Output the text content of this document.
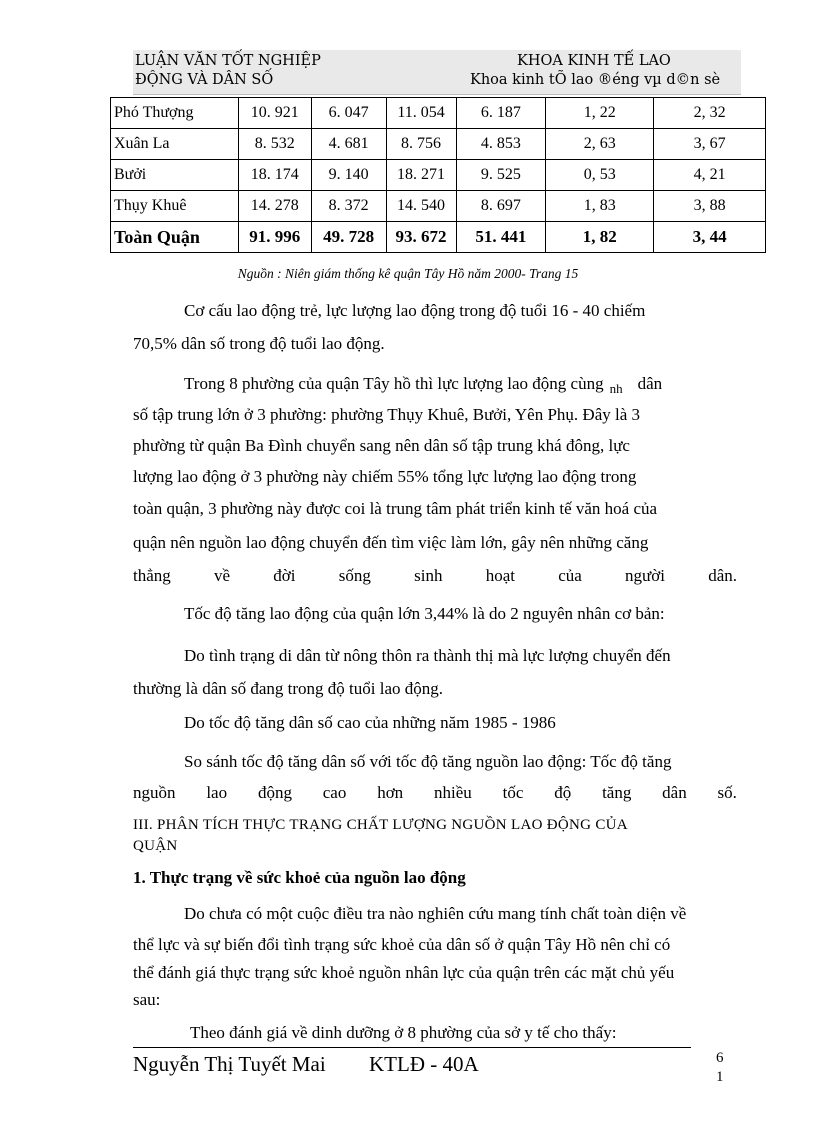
LUẬN VĂN TỐT NGHIỆP
ĐỘNG VÀ DÂN SỐ
KHOA KINH TẾ LAO
Khoa kinh tÕ lao ®éng vµ d©n sè
Phó Thượng	10. 921	6. 047	11. 054	6. 187	1, 22	2, 32
Xuân La	8. 532	4. 681	8. 756	4. 853	2, 63	3, 67
Bưởi	18. 174	9. 140	18. 271	9. 525	0, 53	4, 21
Thụy Khuê	14. 278	8. 372	14. 540	8. 697	1, 83	3, 88
Toàn Quận	91. 996	49. 728	93. 672	51. 441	1, 82	3, 44
Nguồn : Niên giám thống kê quận Tây Hồ năm 2000- Trang 15
Cơ cấu lao động trẻ, lực lượng lao động trong độ tuổi 16 - 40 chiếm
70,5% dân số trong độ tuổi lao động.
Trong 8 phường của quận Tây hồ thì lực lượng lao động cùng $_{nh}$ dân
số tập trung lớn ở 3 phường: phường Thụy Khuê, Bưởi, Yên Phụ. Đây là 3
phường từ quận Ba Đình chuyển sang nên dân số tập trung khá đông, lực
lượng lao động ở 3 phường này chiếm 55% tổng lực lượng lao động trong
toàn quận, 3 phường này được coi là trung tâm phát triển kinh tế văn hoá của
quận nên nguồn lao động chuyển đến tìm việc làm lớn, gây nên những căng
thẳng	về	đời	sống	sinh	hoạt	của	người	dân.
Tốc độ tăng lao động của quận lớn 3,44% là do 2 nguyên nhân cơ bản:
Do tình trạng di dân từ nông thôn ra thành thị mà lực lượng chuyển đến
thường là dân số đang trong độ tuổi lao động.
Do tốc độ tăng dân số cao của những năm 1985 - 1986
So sánh tốc độ tăng dân số với tốc độ tăng nguồn lao động: Tốc độ tăng
nguồn lao động cao hơn nhiều tốc độ tăng dân số.
III. PHÂN TÍCH THỰC TRẠNG CHẤT LƯỢNG NGUỒN LAO ĐỘNG CỦA
QUẬN
1. Thực trạng về sức khoẻ của nguồn lao động
Do chưa có một cuộc điều tra nào nghiên cứu mang tính chất toàn diện về
thể lực và sự biến đổi tình trạng sức khoẻ của dân số ở quận Tây Hồ nên chỉ có
thể đánh giá thực trạng sức khoẻ nguồn nhân lực của quận trên các mặt chủ yếu
sau:
Theo đánh giá về dinh dưỡng ở 8 phường của sở y tế cho thấy:
Nguyễn Thị Tuyết Mai KTLĐ - 40A	6
1
